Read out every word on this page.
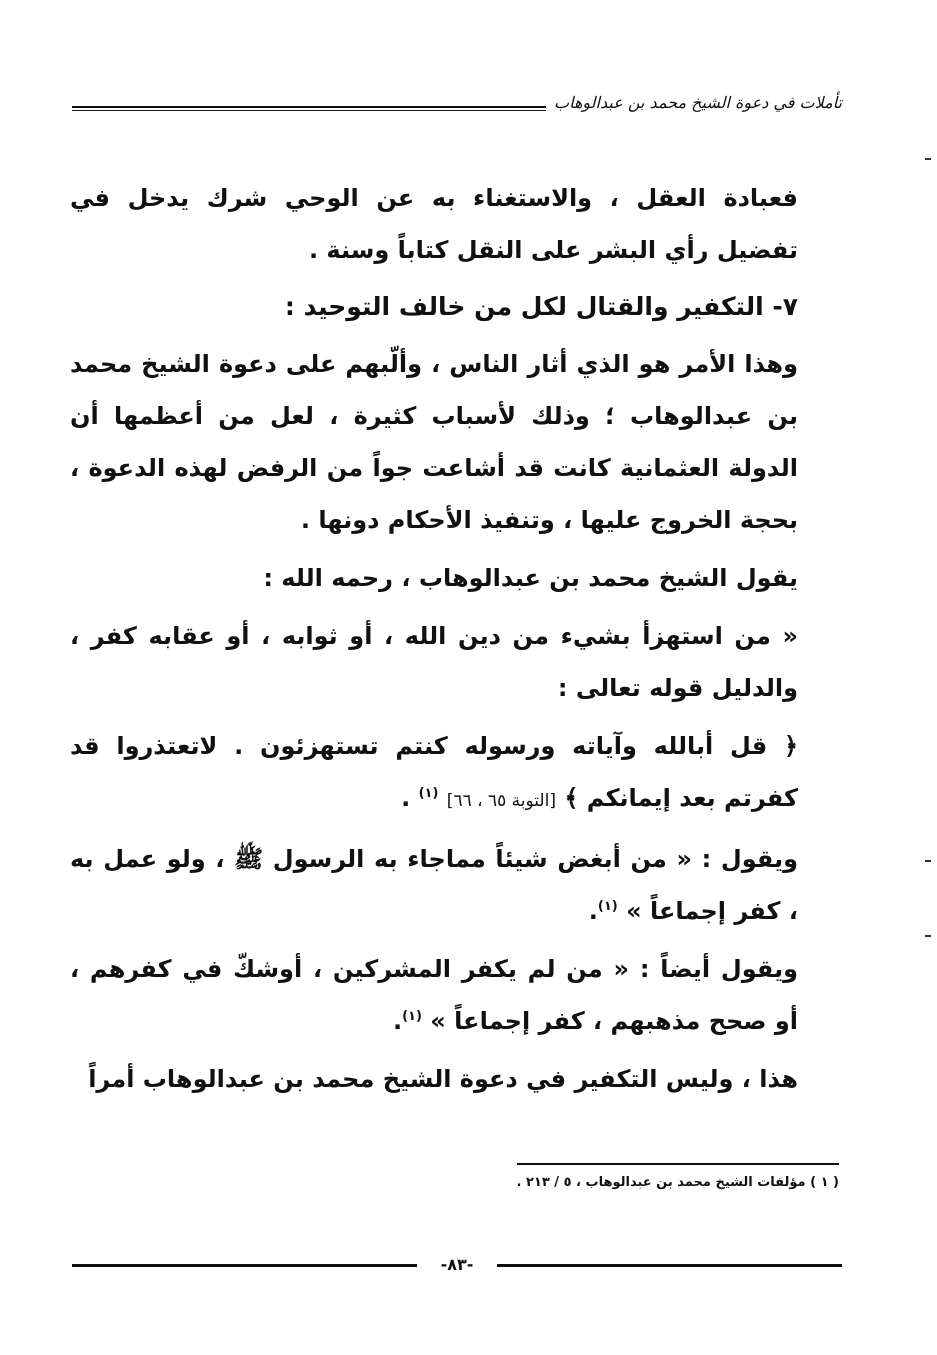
تأملات في دعوة الشيخ محمد بن عبدالوهاب

فعبادة العقل ، والاستغناء به عن الوحي شرك يدخل في تفضيل رأي البشر على النقل كتاباً وسنة .

٧- التكفير والقتال لكل من خالف التوحيد :

وهذا الأمر هو الذي أثار الناس ، وألّبهم على دعوة الشيخ محمد بن عبدالوهاب ؛ وذلك لأسباب كثيرة ، لعل من أعظمها أن الدولة العثمانية كانت قد أشاعت جواً من الرفض لهذه الدعوة ، بحجة الخروج عليها ، وتنفيذ الأحكام دونها .

يقول الشيخ محمد بن عبدالوهاب ، رحمه الله :

« من استهزأ بشيء من دين الله ، أو ثوابه ، أو عقابه كفر ، والدليل قوله تعالى :

﴿ قل أبالله وآياته ورسوله كنتم تستهزئون . لاتعتذروا قد كفرتم بعد إيمانكم ﴾ [التوبة ٦٥ ، ٦٦] $^{(١)}$ .

ويقول : « من أبغض شيئاً مماجاء به الرسول ﷺ ، ولو عمل به ، كفر إجماعاً » $^{(١)}$.

ويقول أيضاً : « من لم يكفر المشركين ، أوشكّ في كفرهم ، أو صحح مذهبهم ، كفر إجماعاً » $^{(١)}$.

هذا ، وليس التكفير في دعوة الشيخ محمد بن عبدالوهاب أمراً

( ١ ) مؤلفات الشيخ محمد بن عبدالوهاب ، ٥ / ٢١٣ .
-٨٣-
